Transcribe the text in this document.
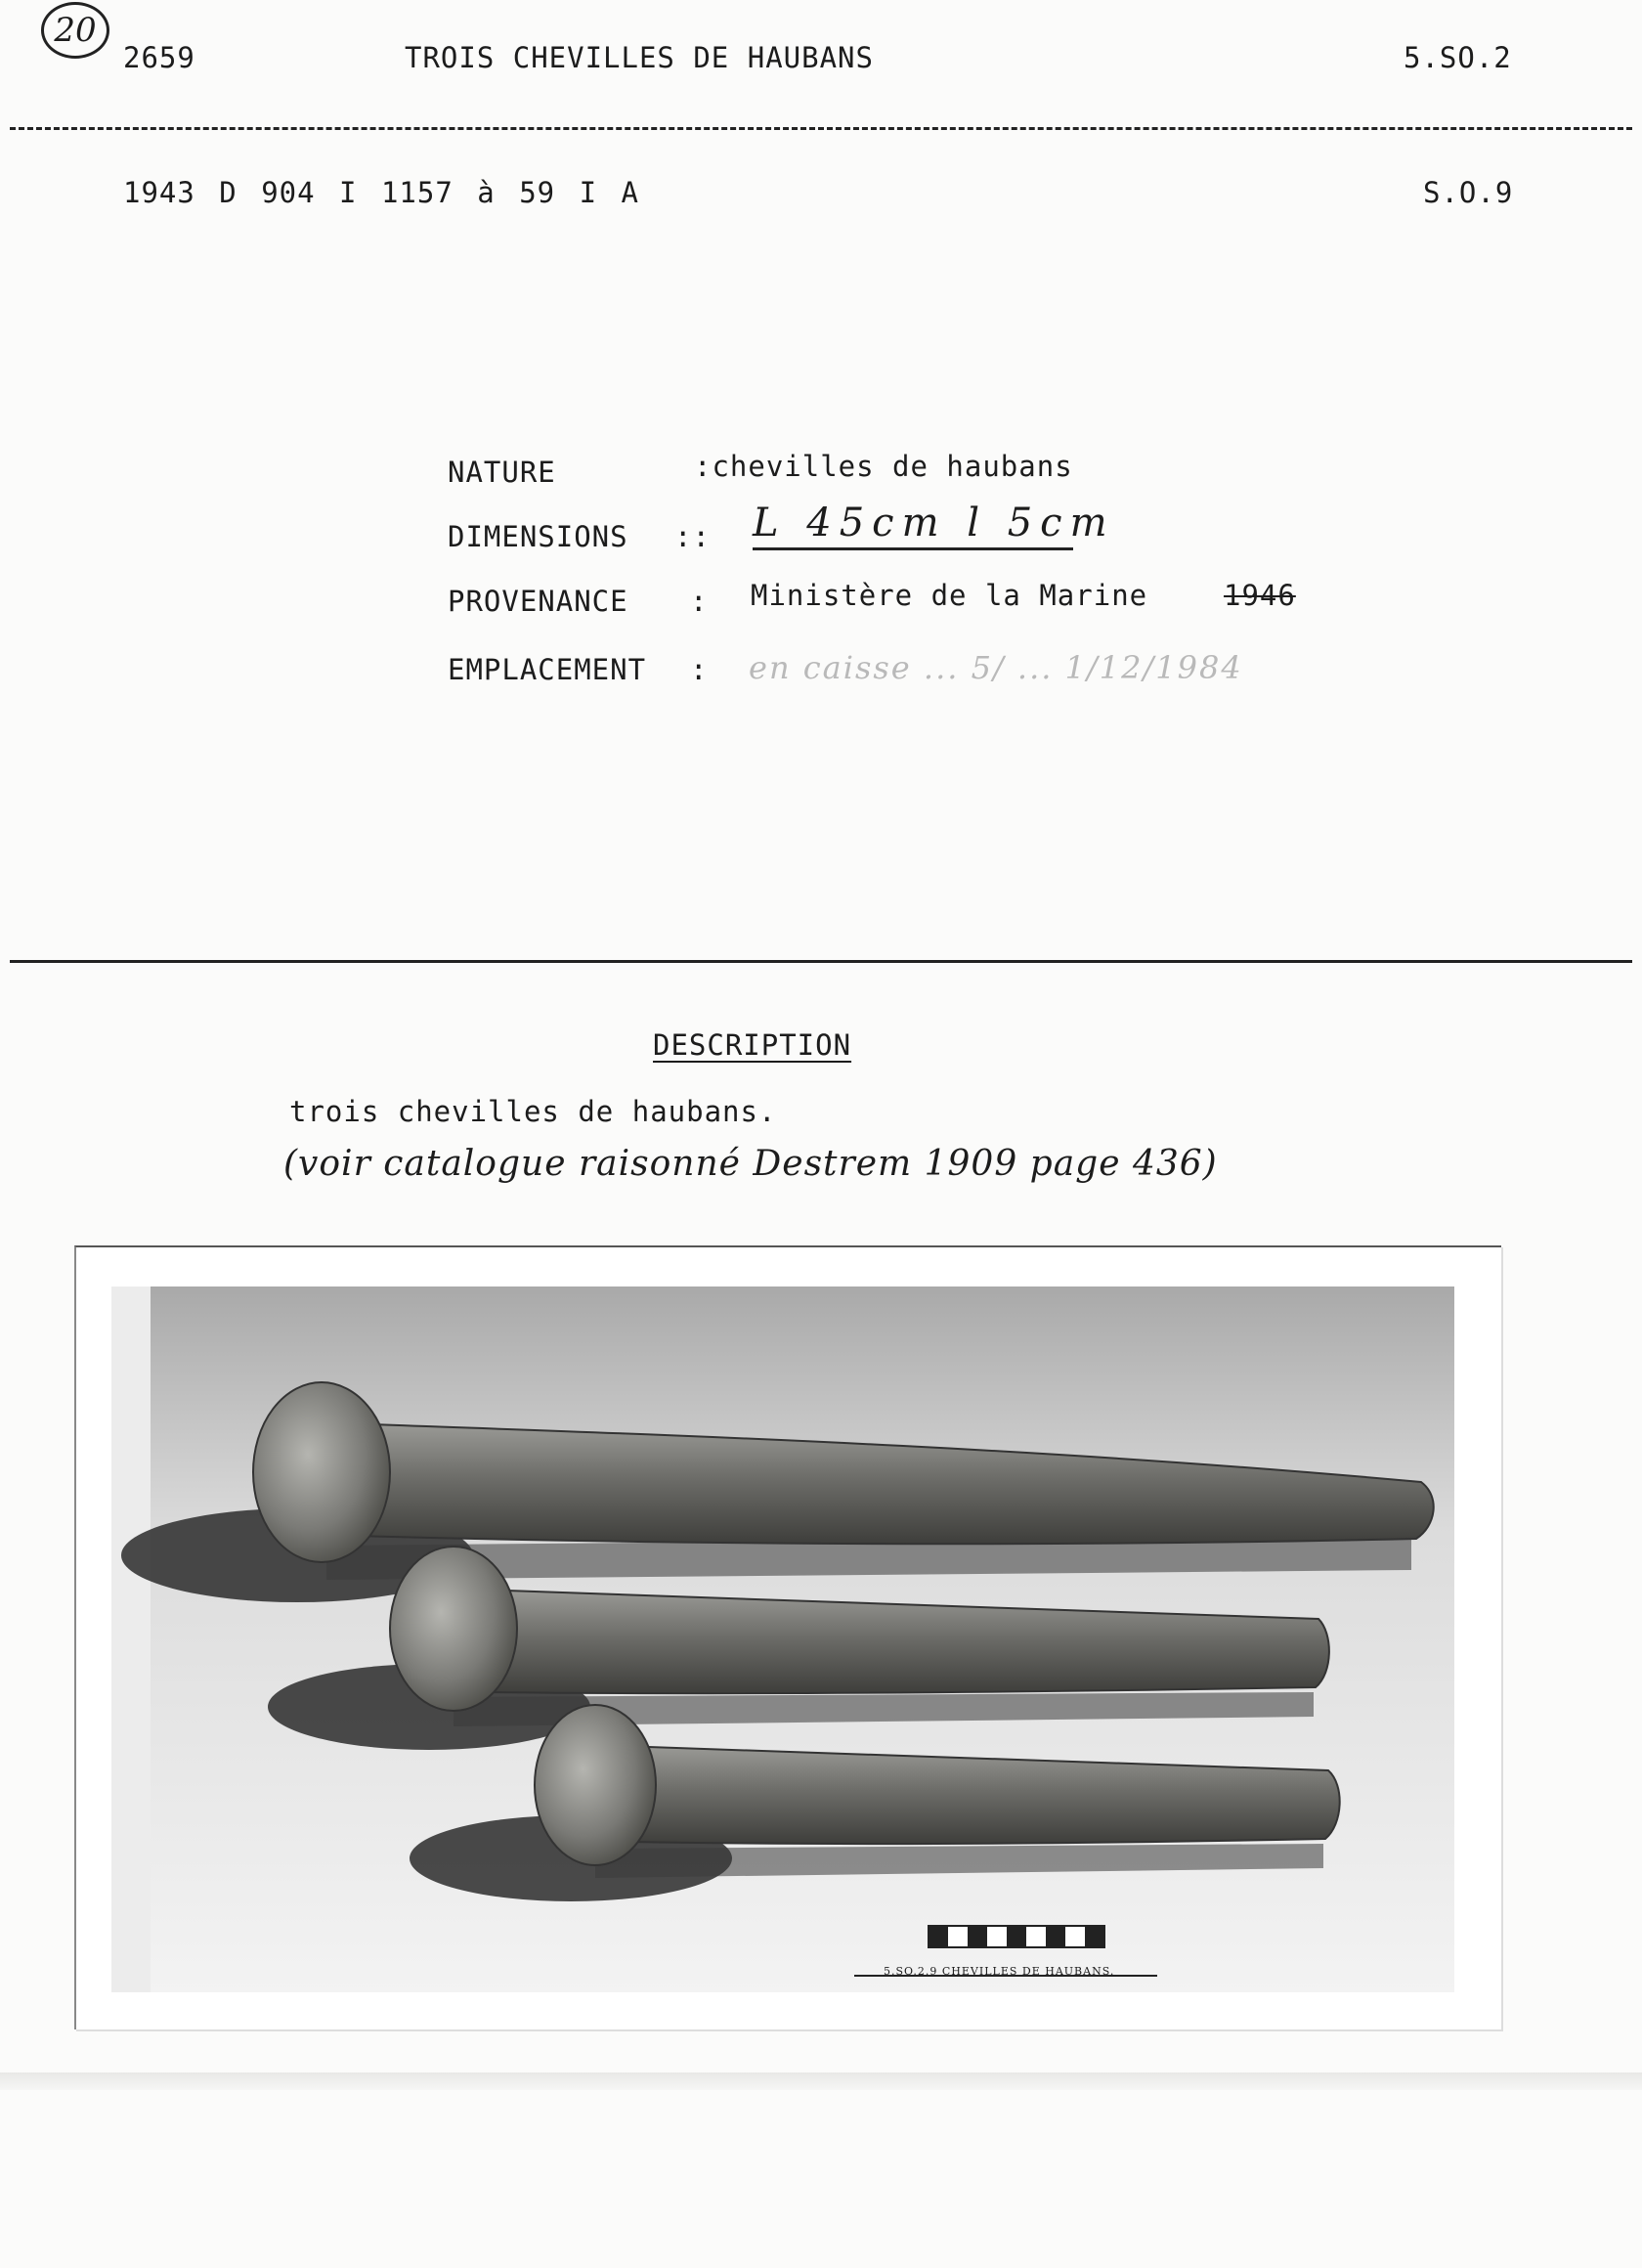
20
2659	TROIS CHEVILLES DE HAUBANS	5.SO.2
1943 D 904 I 1157 à 59 I A	S.O.9
NATURE	:chevilles de haubans
DIMENSIONS :: L 45cm l 5cm
PROVENANCE : Ministère de la Marine	1946
EMPLACEMENT : en caisse ... 5/ ... 1/12/1984
DESCRIPTION
trois chevilles de haubans.
(voir catalogue raisonné Destrem 1909 page 436)
5.SO.2.9 CHEVILLES DE HAUBANS.
